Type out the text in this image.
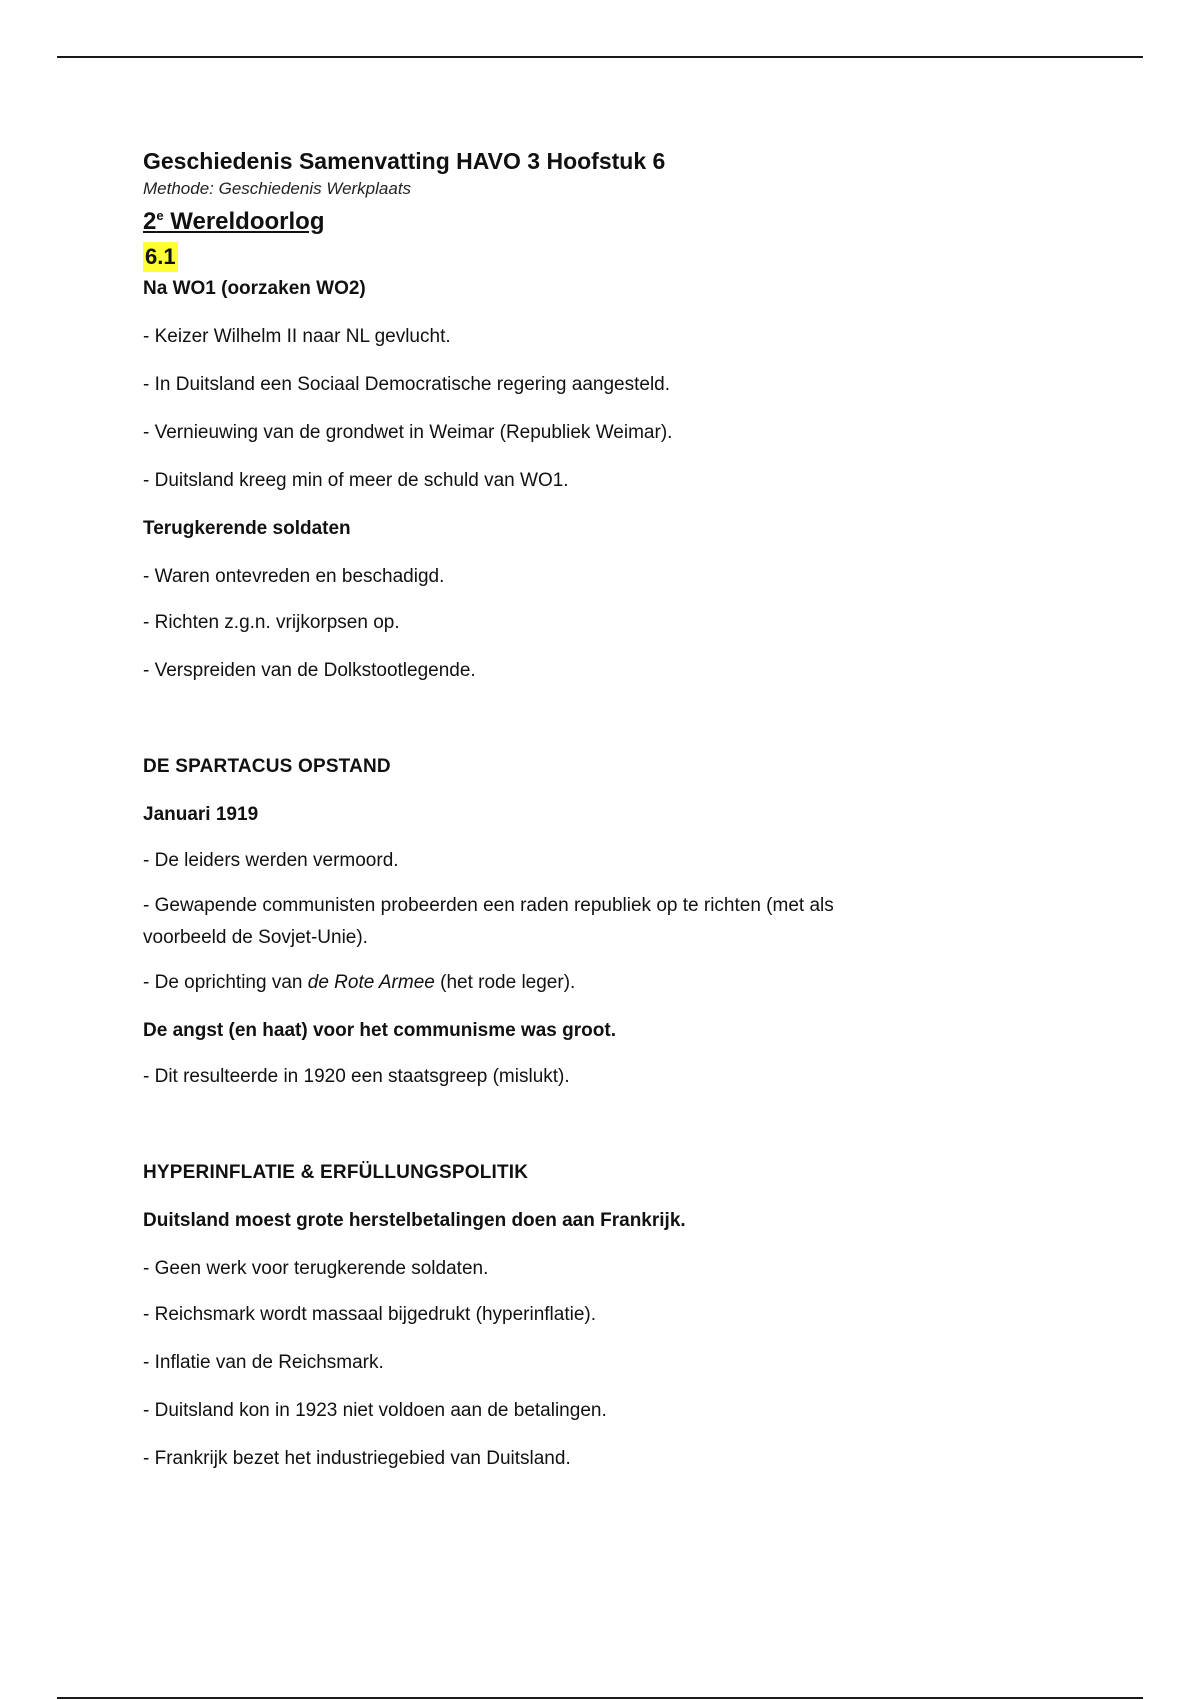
Geschiedenis Samenvatting HAVO 3 Hoofstuk 6

Methode: Geschiedenis Werkplaats

2e Wereldoorlog
6.1

Na WO1 (oorzaken WO2)

- Keizer Wilhelm II naar NL gevlucht.

- In Duitsland een Sociaal Democratische regering aangesteld.

- Vernieuwing van de grondwet in Weimar (Republiek Weimar).

- Duitsland kreeg min of meer de schuld van WO1.

Terugkerende soldaten

- Waren ontevreden en beschadigd.

- Richten z.g.n. vrijkorpsen op.

- Verspreiden van de Dolkstootlegende.

DE SPARTACUS OPSTAND

Januari 1919

- De leiders werden vermoord.

- Gewapende communisten probeerden een raden republiek op te richten (met als
voorbeeld de Sovjet-Unie).

- De oprichting van de Rote Armee (het rode leger).

De angst (en haat) voor het communisme was groot.

- Dit resulteerde in 1920 een staatsgreep (mislukt).

HYPERINFLATIE & ERFÜLLUNGSPOLITIK

Duitsland moest grote herstelbetalingen doen aan Frankrijk.

- Geen werk voor terugkerende soldaten.

- Reichsmark wordt massaal bijgedrukt (hyperinflatie).

- Inflatie van de Reichsmark.

- Duitsland kon in 1923 niet voldoen aan de betalingen.

- Frankrijk bezet het industriegebied van Duitsland.
